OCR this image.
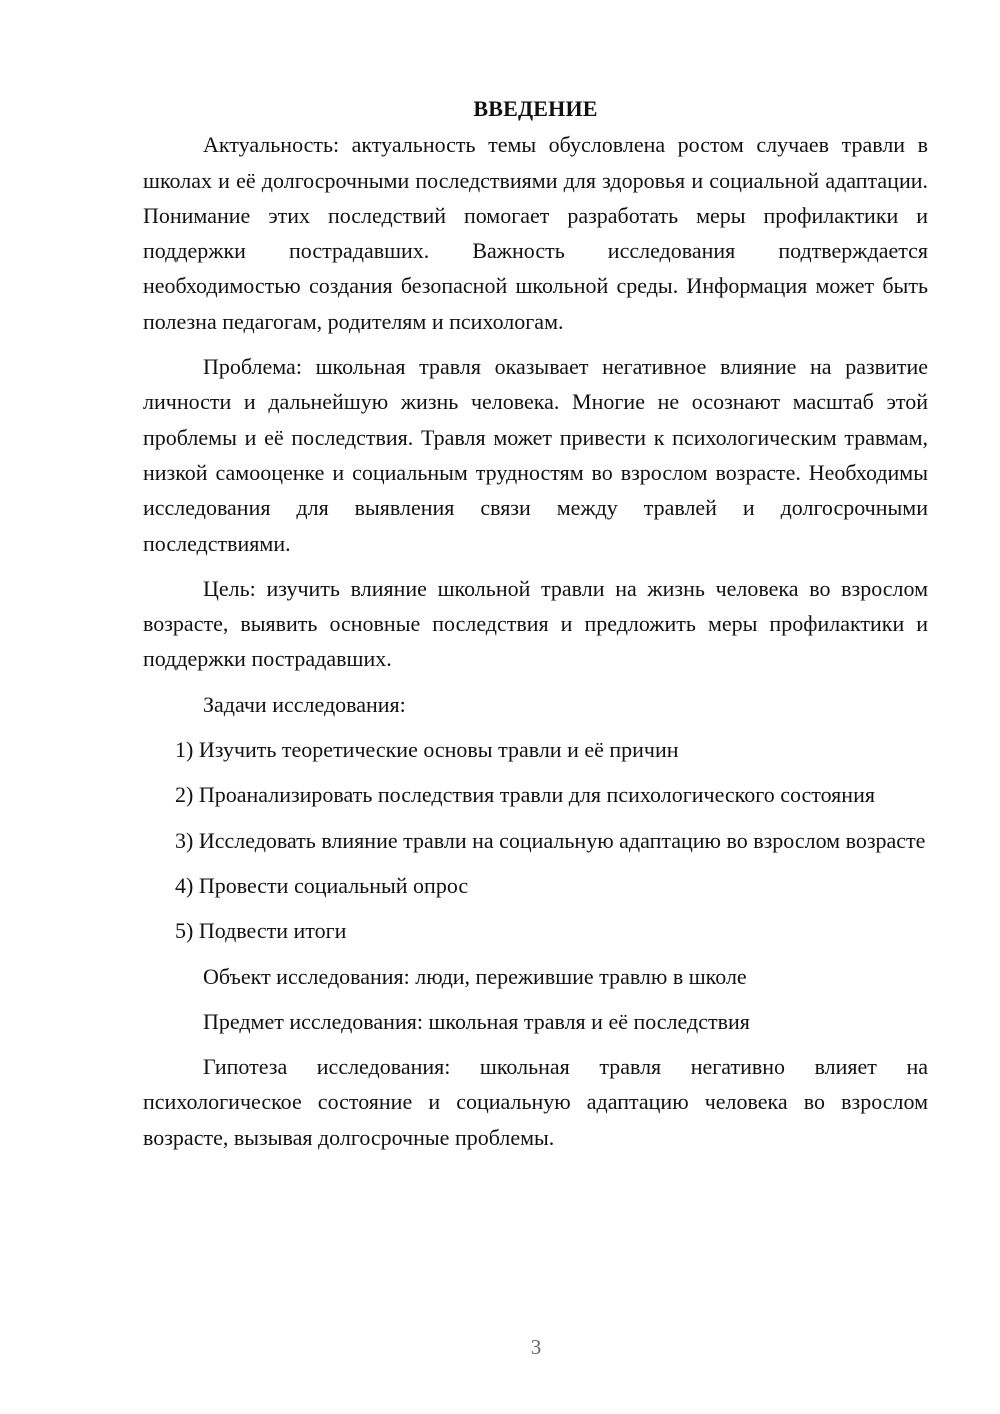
ВВЕДЕНИЕ

Актуальность: актуальность темы обусловлена ростом случаев травли в школах и её долгосрочными последствиями для здоровья и социальной адаптации. Понимание этих последствий помогает разработать меры профилактики и поддержки пострадавших. Важность исследования подтверждается необходимостью создания безопасной школьной среды. Информация может быть полезна педагогам, родителям и психологам.

Проблема: школьная травля оказывает негативное влияние на развитие личности и дальнейшую жизнь человека. Многие не осознают масштаб этой проблемы и её последствия. Травля может привести к психологическим травмам, низкой самооценке и социальным трудностям во взрослом возрасте. Необходимы исследования для выявления связи между травлей и долгосрочными последствиями.

Цель: изучить влияние школьной травли на жизнь человека во взрослом возрасте, выявить основные последствия и предложить меры профилактики и поддержки пострадавших.

Задачи исследования:

1) Изучить теоретические основы травли и её причин

2) Проанализировать последствия травли для психологического состояния

3) Исследовать влияние травли на социальную адаптацию во взрослом возрасте

4) Провести социальный опрос

5) Подвести итоги

Объект исследования: люди, пережившие травлю в школе

Предмет исследования: школьная травля и её последствия

Гипотеза исследования: школьная травля негативно влияет на психологическое состояние и социальную адаптацию человека во взрослом возрасте, вызывая долгосрочные проблемы.

3
